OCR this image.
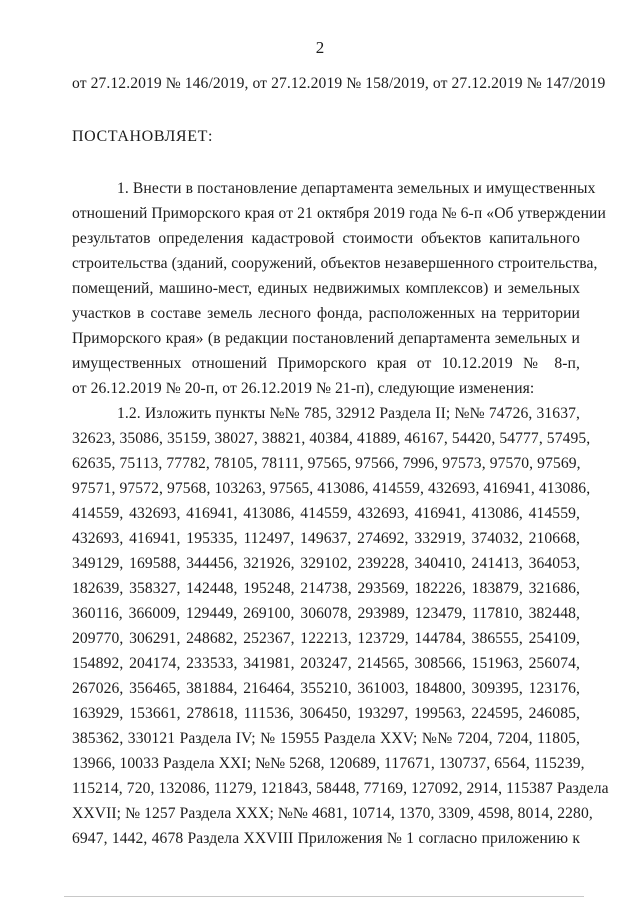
2
от 27.12.2019 № 146/2019, от 27.12.2019 № 158/2019, от 27.12.2019 № 147/2019
ПОСТАНОВЛЯЕТ:
1. Внести в постановление департамента земельных и имущественных
отношений Приморского края от 21 октября 2019 года № 6-п «Об утверждении
результатов определения кадастровой стоимости объектов капитального
строительства (зданий, сооружений, объектов незавершенного строительства,
помещений, машино-мест, единых недвижимых комплексов) и земельных
участков в составе земель лесного фонда, расположенных на территории
Приморского края» (в редакции постановлений департамента земельных и
имущественных отношений Приморского края от 10.12.2019 № 8-п,
от 26.12.2019 № 20-п, от 26.12.2019 № 21-п), следующие изменения:
1.2. Изложить пункты №№ 785, 32912 Раздела II; №№ 74726, 31637,
32623, 35086, 35159, 38027, 38821, 40384, 41889, 46167, 54420, 54777, 57495,
62635, 75113, 77782, 78105, 78111, 97565, 97566, 7996, 97573, 97570, 97569,
97571, 97572, 97568, 103263, 97565, 413086, 414559, 432693, 416941, 413086,
414559, 432693, 416941, 413086, 414559, 432693, 416941, 413086, 414559,
432693, 416941, 195335, 112497, 149637, 274692, 332919, 374032, 210668,
349129, 169588, 344456, 321926, 329102, 239228, 340410, 241413, 364053,
182639, 358327, 142448, 195248, 214738, 293569, 182226, 183879, 321686,
360116, 366009, 129449, 269100, 306078, 293989, 123479, 117810, 382448,
209770, 306291, 248682, 252367, 122213, 123729, 144784, 386555, 254109,
154892, 204174, 233533, 341981, 203247, 214565, 308566, 151963, 256074,
267026, 356465, 381884, 216464, 355210, 361003, 184800, 309395, 123176,
163929, 153661, 278618, 111536, 306450, 193297, 199563, 224595, 246085,
385362, 330121 Раздела IV; № 15955 Раздела XXV; №№ 7204, 7204, 11805,
13966, 10033 Раздела XXI; №№ 5268, 120689, 117671, 130737, 6564, 115239,
115214, 720, 132086, 11279, 121843, 58448, 77169, 127092, 2914, 115387 Раздела
XXVII; № 1257 Раздела XXX; №№ 4681, 10714, 1370, 3309, 4598, 8014, 2280,
6947, 1442, 4678 Раздела XXVIII Приложения № 1 согласно приложению к
